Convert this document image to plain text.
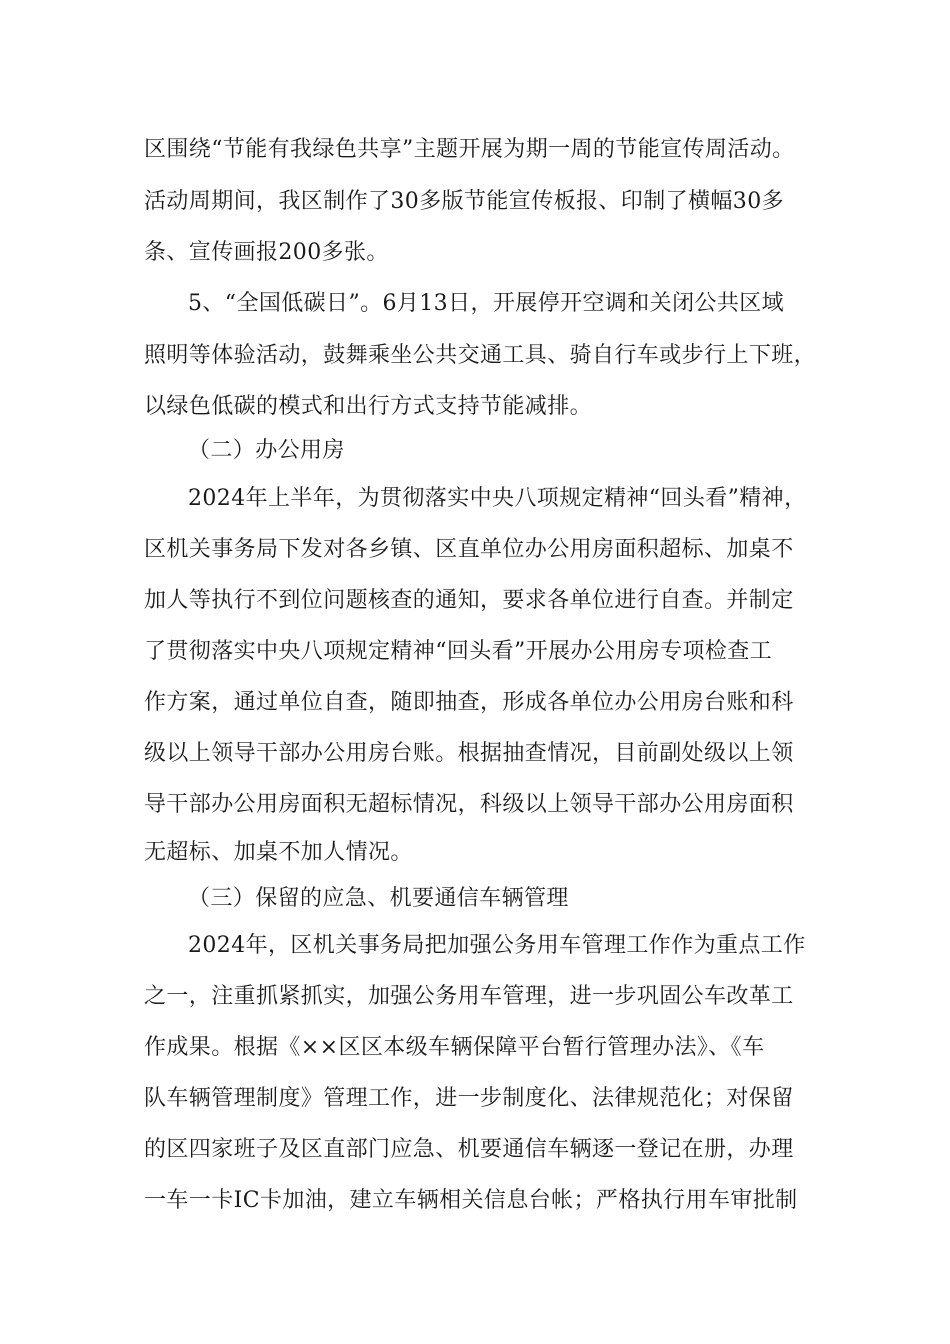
区围绕“节能有我绿色共享”主题开展为期一周的节能宣传周活动。
活动周期间，我区制作了30多版节能宣传板报、印制了横幅30多
条、宣传画报200多张。
5、“全国低碳日”。6月13日，开展停开空调和关闭公共区域
照明等体验活动，鼓舞乘坐公共交通工具、骑自行车或步行上下班，
以绿色低碳的模式和出行方式支持节能减排。
（二）办公用房
2024年上半年，为贯彻落实中央八项规定精神“回头看”精神，
区机关事务局下发对各乡镇、区直单位办公用房面积超标、加桌不
加人等执行不到位问题核查的通知，要求各单位进行自查。并制定
了贯彻落实中央八项规定精神“回头看”开展办公用房专项检查工
作方案，通过单位自查，随即抽查，形成各单位办公用房台账和科
级以上领导干部办公用房台账。根据抽查情况，目前副处级以上领
导干部办公用房面积无超标情况，科级以上领导干部办公用房面积
无超标、加桌不加人情况。
（三）保留的应急、机要通信车辆管理
2024年，区机关事务局把加强公务用车管理工作作为重点工作
之一，注重抓紧抓实，加强公务用车管理，进一步巩固公车改革工
作成果。根据《××区区本级车辆保障平台暂行管理办法》、《车
队车辆管理制度》管理工作，进一步制度化、法律规范化；对保留
的区四家班子及区直部门应急、机要通信车辆逐一登记在册，办理
一车一卡IC卡加油，建立车辆相关信息台帐；严格执行用车审批制
